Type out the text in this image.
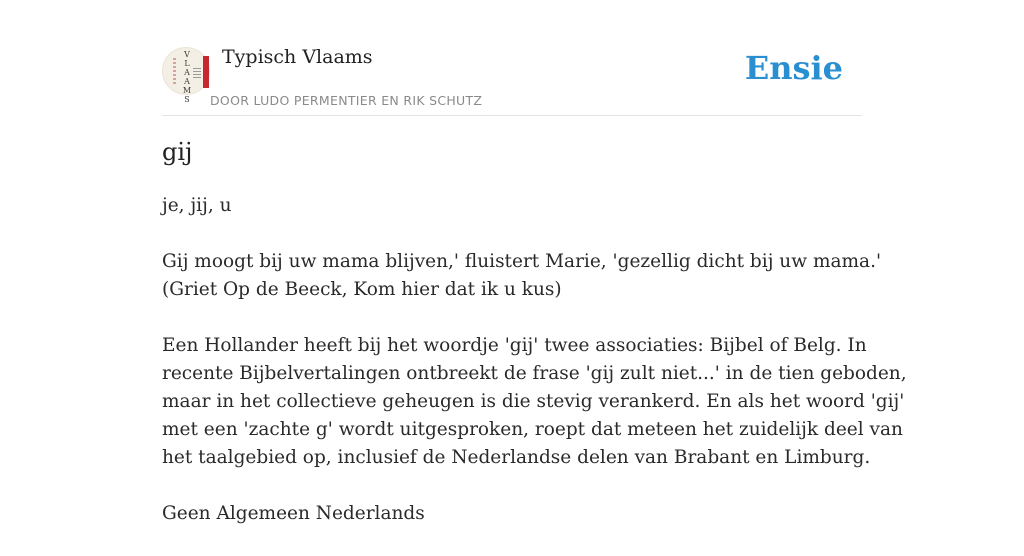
V
L
A
A
M
S
Typisch Vlaams
DOOR LUDO PERMENTIER EN RIK SCHUTZ
Ensie
gij

je, jij, u

Gij moogt bij uw mama blijven,' fluistert Marie, 'gezellig dicht bij uw mama.'
(Griet Op de Beeck, Kom hier dat ik u kus)

Een Hollander heeft bij het woordje 'gij' twee associaties: Bijbel of Belg. In
recente Bijbelvertalingen ontbreekt de frase 'gij zult niet...' in de tien geboden,
maar in het collectieve geheugen is die stevig verankerd. En als het woord 'gij'
met een 'zachte g' wordt uitgesproken, roept dat meteen het zuidelijk deel van
het taalgebied op, inclusief de Nederlandse delen van Brabant en Limburg.

Geen Algemeen Nederlands
